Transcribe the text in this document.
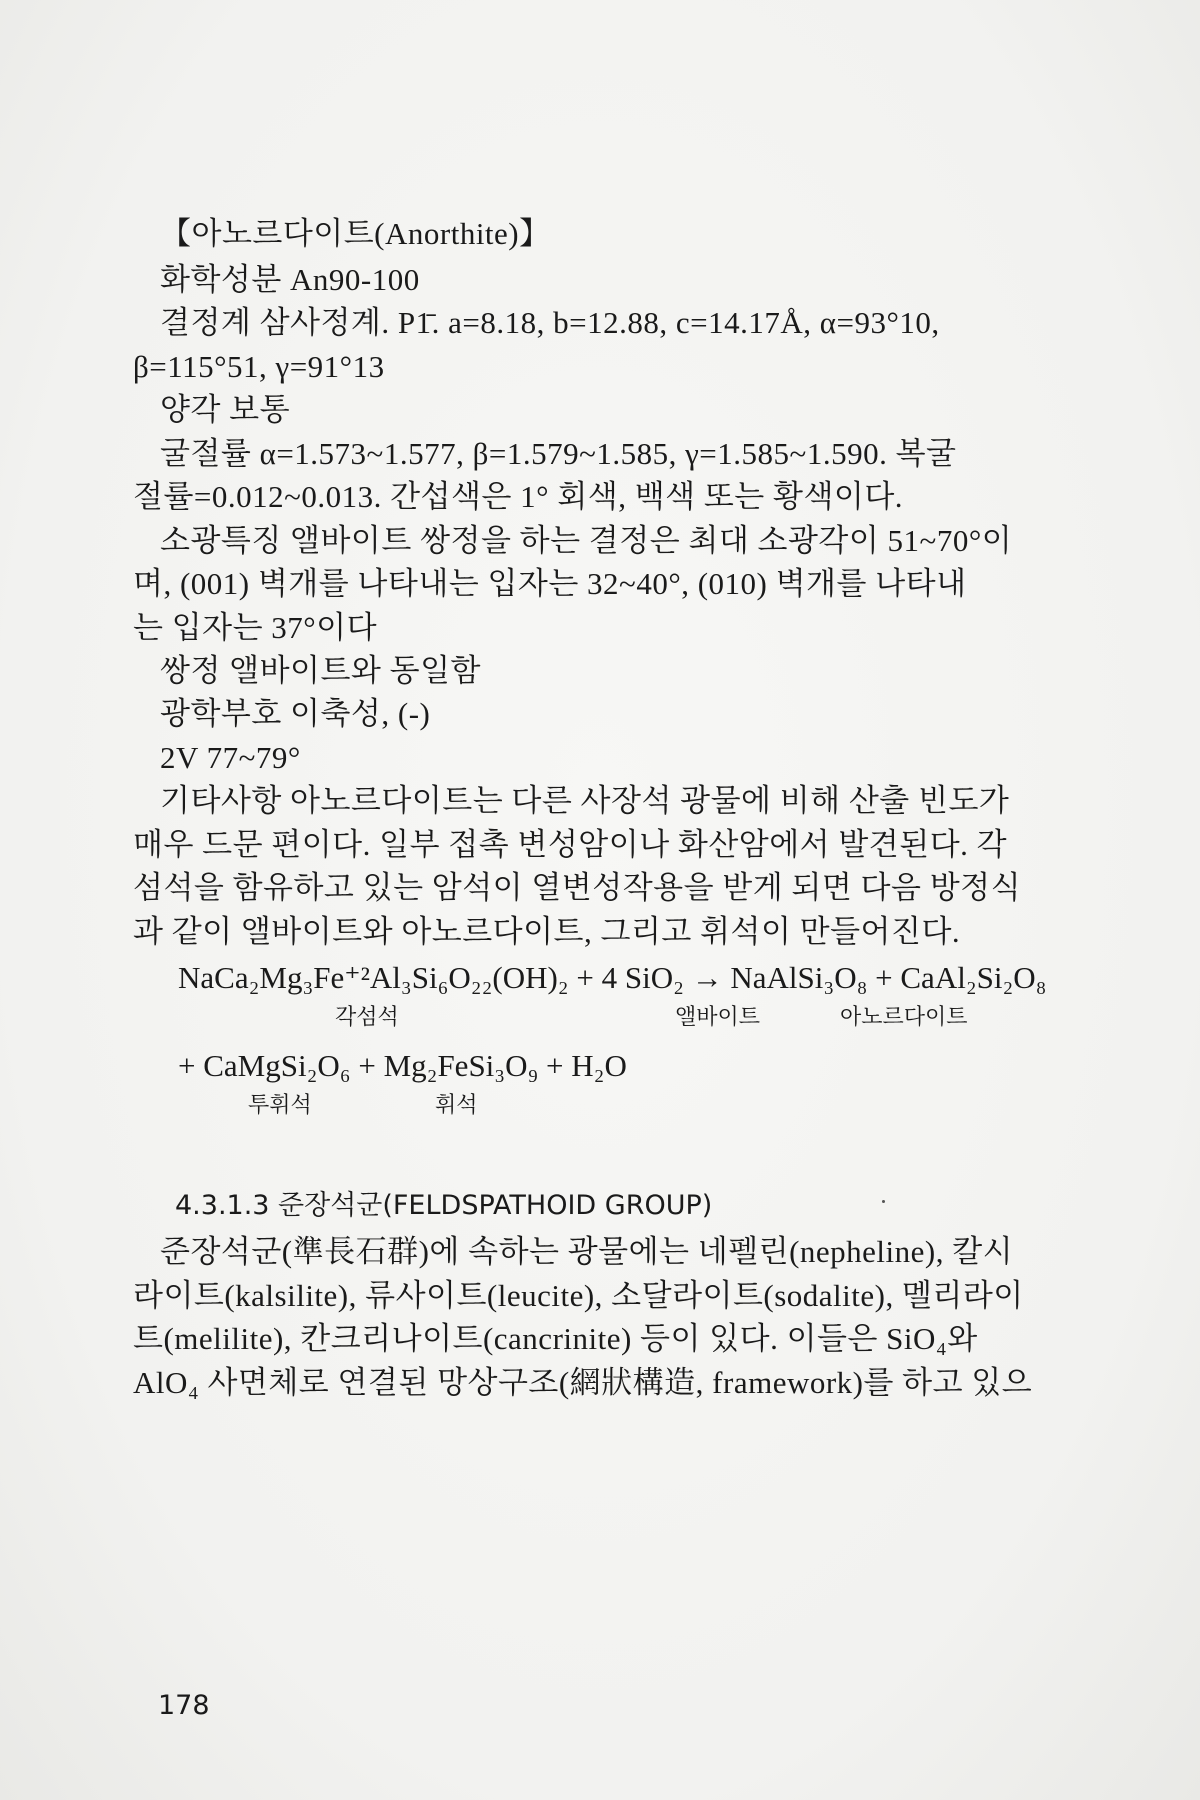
【아노르다이트(Anorthite)】
화학성분 An90-100
결정계 삼사정계. P1̄. a=8.18, b=12.88, c=14.17Å, α=93°10,
β=115°51, γ=91°13
양각 보통
굴절률 α=1.573~1.577, β=1.579~1.585, γ=1.585~1.590. 복굴
절률=0.012~0.013. 간섭색은 1° 회색, 백색 또는 황색이다.
소광특징 앨바이트 쌍정을 하는 결정은 최대 소광각이 51~70°이
며, (001) 벽개를 나타내는 입자는 32~40°, (010) 벽개를 나타내
는 입자는 37°이다
쌍정 앨바이트와 동일함
광학부호 이축성, (-)
2V 77~79°
기타사항 아노르다이트는 다른 사장석 광물에 비해 산출 빈도가
매우 드문 편이다. 일부 접촉 변성암이나 화산암에서 발견된다. 각
섬석을 함유하고 있는 암석이 열변성작용을 받게 되면 다음 방정식
과 같이 앨바이트와 아노르다이트, 그리고 휘석이 만들어진다.
NaCa₂Mg₃Fe⁺²Al₃Si₆O₂₂(OH)₂ + 4 SiO₂ → NaAlSi₃O₈ + CaAl₂Si₂O₈
각섬석	앨바이트	아노르다이트
+ CaMgSi₂O₆ + Mg₂FeSi₃O₉ + H₂O
투휘석	휘석
4.3.1.3 준장석군(FELDSPATHOID GROUP)
준장석군(準長石群)에 속하는 광물에는 네펠린(nepheline), 칼시
라이트(kalsilite), 류사이트(leucite), 소달라이트(sodalite), 멜리라이
트(melilite), 칸크리나이트(cancrinite) 등이 있다. 이들은 SiO₄와
AlO₄ 사면체로 연결된 망상구조(網狀構造, framework)를 하고 있으
178
